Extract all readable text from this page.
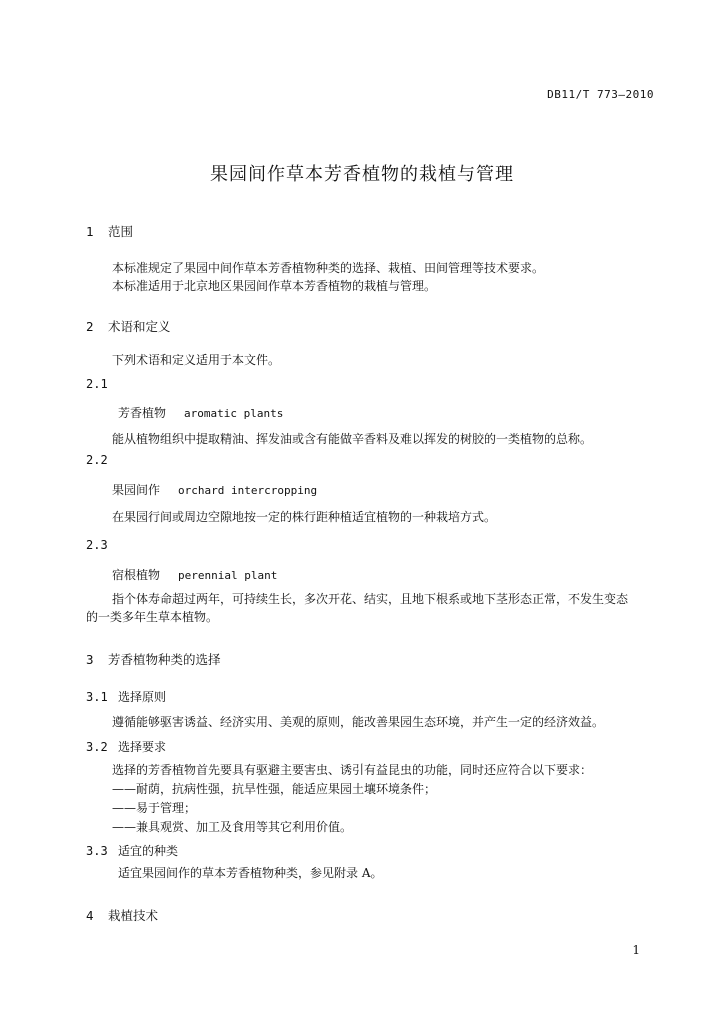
DB11/T 773—2010
果园间作草本芳香植物的栽植与管理
1 范围
本标准规定了果园中间作草本芳香植物种类的选择、栽植、田间管理等技术要求。
本标准适用于北京地区果园间作草本芳香植物的栽植与管理。
2 术语和定义
下列术语和定义适用于本文件。
2.1
芳香植物 aromatic plants
能从植物组织中提取精油、挥发油或含有能做辛香料及难以挥发的树胶的一类植物的总称。
2.2
果园间作 orchard intercropping
在果园行间或周边空隙地按一定的株行距种植适宜植物的一种栽培方式。
2.3
宿根植物 perennial plant
指个体寿命超过两年，可持续生长，多次开花、结实，且地下根系或地下茎形态正常，不发生变态
的一类多年生草本植物。
3 芳香植物种类的选择
3.1 选择原则
遵循能够驱害诱益、经济实用、美观的原则，能改善果园生态环境，并产生一定的经济效益。
3.2 选择要求
选择的芳香植物首先要具有驱避主要害虫、诱引有益昆虫的功能，同时还应符合以下要求：
——耐荫，抗病性强，抗旱性强，能适应果园土壤环境条件；
——易于管理；
——兼具观赏、加工及食用等其它利用价值。
3.3 适宜的种类
适宜果园间作的草本芳香植物种类，参见附录 A。
4 栽植技术
1
